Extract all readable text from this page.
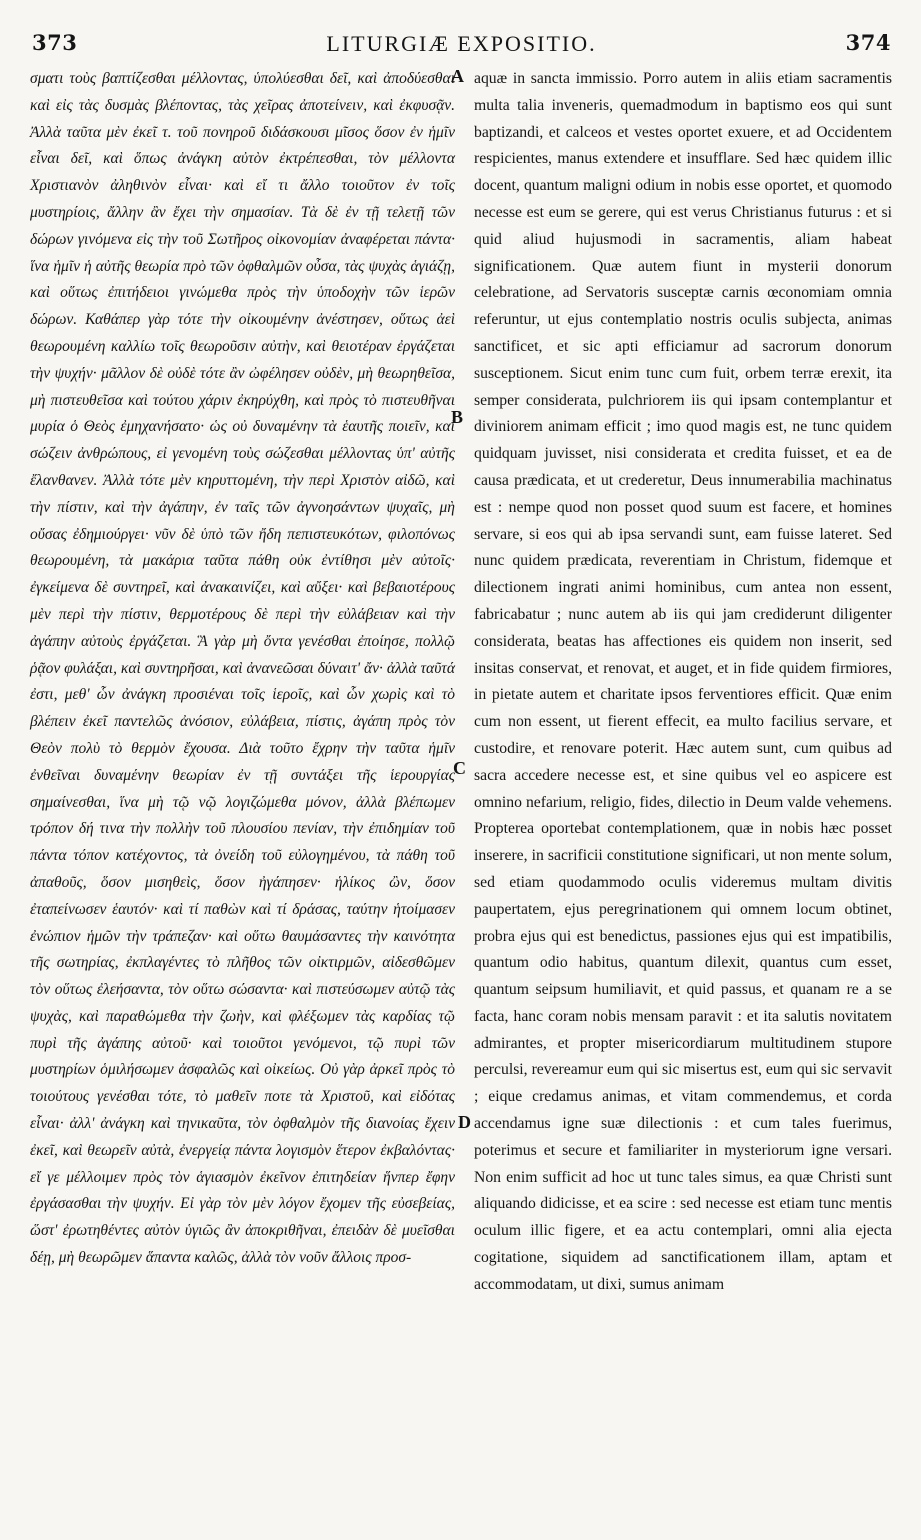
373	LITURGIÆ EXPOSITIO.	374

σματι τοὺς βαπτίζεσθαι μέλλοντας, ὑπολύεσθαι δεῖ, καὶ ἀποδύεσθαι καὶ εἰς τὰς δυσμὰς βλέποντας, τὰς χεῖρας ἀποτείνειν, καὶ ἐκφυσᾷν. Ἀλλὰ ταῦτα μὲν ἐκεῖ τ. τοῦ πονηροῦ διδάσκουσι μῖσος ὅσον ἐν ἡμῖν εἶναι δεῖ, καὶ ὅπως ἀνάγκη αὐτὸν ἐκτρέπεσθαι, τὸν μέλλοντα Χριστιανὸν ἀληθινὸν εἶναι· καὶ εἴ τι ἄλλο τοιοῦτον ἐν τοῖς μυστηρίοις, ἄλλην ἂν ἔχει τὴν σημασίαν. Τὰ δὲ ἐν τῇ τελετῇ τῶν δώρων γινόμενα εἰς τὴν τοῦ Σωτῆρος οἰκονομίαν ἀναφέρεται πάντα· ἵνα ἡμῖν ἡ αὐτῆς θεωρία πρὸ τῶν ὀφθαλμῶν οὖσα, τὰς ψυχὰς ἁγιάζῃ, καὶ οὕτως ἐπιτήδειοι γινώμεθα πρὸς τὴν ὑποδοχὴν τῶν ἱερῶν δώρων. Καθάπερ γὰρ τότε τὴν οἰκουμένην ἀνέστησεν, οὕτως ἀεὶ θεωρουμένη καλλίω τοῖς θεωροῦσιν αὐτὴν, καὶ θειοτέραν ἐργάζεται τὴν ψυχήν· μᾶλλον δὲ οὐδὲ τότε ἂν ὠφέλησεν οὐδὲν, μὴ θεωρηθεῖσα, μὴ πιστευθεῖσα καὶ τούτου χάριν ἐκηρύχθη, καὶ πρὸς τὸ πιστευθῆναι μυρία ὁ Θεὸς ἐμηχανήσατο· ὡς οὐ δυναμένην τὰ ἑαυτῆς ποιεῖν, καὶ σώζειν ἀνθρώπους, εἰ γενομένη τοὺς σώζεσθαι μέλλοντας ὑπ' αὐτῆς ἔλανθανεν. Ἀλλὰ τότε μὲν κηρυττομένη, τὴν περὶ Χριστὸν αἰδῶ, καὶ τὴν πίστιν, καὶ τὴν ἀγάπην, ἐν ταῖς τῶν ἀγνοησάντων ψυχαῖς, μὴ οὔσας ἐδημιούργει· νῦν δὲ ὑπὸ τῶν ἤδη πεπιστευκότων, φιλοπόνως θεωρουμένη, τὰ μακάρια ταῦτα πάθη οὐκ ἐντίθησι μὲν αὐτοῖς· ἐγκείμενα δὲ συντηρεῖ, καὶ ἀνακαινίζει, καὶ αὔξει· καὶ βεβαιοτέρους μὲν περὶ τὴν πίστιν, θερμοτέρους δὲ περὶ τὴν εὐλάβειαν καὶ τὴν ἀγάπην αὐτοὺς ἐργάζεται. Ἃ γὰρ μὴ ὄντα γενέσθαι ἐποίησε, πολλῷ ῥᾷον φυλάξαι, καὶ συντηρῆσαι, καὶ ἀνανεῶσαι δύναιτ' ἄν· ἀλλὰ ταῦτά ἐστι, μεθ' ὧν ἀνάγκη προσιέναι τοῖς ἱεροῖς, καὶ ὧν χωρὶς καὶ τὸ βλέπειν ἐκεῖ παντελῶς ἀνόσιον, εὐλάβεια, πίστις, ἀγάπη πρὸς τὸν Θεὸν πολὺ τὸ θερμὸν ἔχουσα. Διὰ τοῦτο ἔχρην τὴν ταῦτα ἡμῖν ἐνθεῖναι δυναμένην θεωρίαν ἐν τῇ συντάξει τῆς ἱερουργίας σημαίνεσθαι, ἵνα μὴ τῷ νῷ λογιζώμεθα μόνον, ἀλλὰ βλέπωμεν τρόπον δή τινα τὴν πολλὴν τοῦ πλουσίου πενίαν, τὴν ἐπιδημίαν τοῦ πάντα τόπον κατέχοντος, τὰ ὀνείδη τοῦ εὐλογημένου, τὰ πάθη τοῦ ἀπαθοῦς, ὅσον μισηθεὶς, ὅσον ἠγάπησεν· ἡλίκος ὢν, ὅσον ἐταπείνωσεν ἑαυτόν· καὶ τί παθὼν καὶ τί δράσας, ταύτην ἡτοίμασεν ἐνώπιον ἡμῶν τὴν τράπεζαν· καὶ οὕτω θαυμάσαντες τὴν καινότητα τῆς σωτηρίας, ἐκπλαγέντες τὸ πλῆθος τῶν οἰκτιρμῶν, αἰδεσθῶμεν τὸν οὕτως ἐλεήσαντα, τὸν οὕτω σώσαντα· καὶ πιστεύσωμεν αὐτῷ τὰς ψυχὰς, καὶ παραθώμεθα τὴν ζωὴν, καὶ φλέξωμεν τὰς καρδίας τῷ πυρὶ τῆς ἀγάπης αὐτοῦ· καὶ τοιοῦτοι γενόμενοι, τῷ πυρὶ τῶν μυστηρίων ὁμιλήσωμεν ἀσφαλῶς καὶ οἰκείως. Οὐ γὰρ ἀρκεῖ πρὸς τὸ τοιούτους γενέσθαι τότε, τὸ μαθεῖν ποτε τὰ Χριστοῦ, καὶ εἰδότας εἶναι· ἀλλ' ἀνάγκη καὶ τηνικαῦτα, τὸν ὀφθαλμὸν τῆς διανοίας ἔχειν ἐκεῖ, καὶ θεωρεῖν αὐτὰ, ἐνεργείᾳ πάντα λογισμὸν ἕτερον ἐκβαλόντας· εἴ γε μέλλοιμεν πρὸς τὸν ἁγιασμὸν ἐκεῖνον ἐπιτηδείαν ἥνπερ ἔφην ἐργάσασθαι τὴν ψυχήν. Εἰ γὰρ τὸν μὲν λόγον ἔχομεν τῆς εὐσεβείας, ὥστ' ἐρωτηθέντες αὐτὸν ὑγιῶς ἂν ἀποκριθῆναι, ἐπειδὰν δὲ μυεῖσθαι δέῃ, μὴ θεωρῶμεν ἅπαντα καλῶς, ἀλλὰ τὸν νοῦν ἄλλοις προσ-

A
B
C
D

aquæ in sancta immissio. Porro autem in aliis etiam sacramentis multa talia inveneris, quemadmodum in baptismo eos qui sunt baptizandi, et calceos et vestes oportet exuere, et ad Occidentem respicientes, manus extendere et insufflare. Sed hæc quidem illic docent, quantum maligni odium in nobis esse oportet, et quomodo necesse est eum se gerere, qui est verus Christianus futurus : et si quid aliud hujusmodi in sacramentis, aliam habeat significationem. Quæ autem fiunt in mysterii donorum celebratione, ad Servatoris susceptæ carnis œconomiam omnia referuntur, ut ejus contemplatio nostris oculis subjecta, animas sanctificet, et sic apti efficiamur ad sacrorum donorum susceptionem. Sicut enim tunc cum fuit, orbem terræ erexit, ita semper considerata, pulchriorem iis qui ipsam contemplantur et diviniorem animam efficit ; imo quod magis est, ne tunc quidem quidquam juvisset, nisi considerata et credita fuisset, et ea de causa prædicata, et ut crederetur, Deus innumerabilia machinatus est : nempe quod non posset quod suum est facere, et homines servare, si eos qui ab ipsa servandi sunt, eam fuisse lateret. Sed nunc quidem prædicata, reverentiam in Christum, fidemque et dilectionem ingrati animi hominibus, cum antea non essent, fabricabatur ; nunc autem ab iis qui jam crediderunt diligenter considerata, beatas has affectiones eis quidem non inserit, sed insitas conservat, et renovat, et auget, et in fide quidem firmiores, in pietate autem et charitate ipsos ferventiores efficit. Quæ enim cum non essent, ut fierent effecit, ea multo facilius servare, et custodire, et renovare poterit. Hæc autem sunt, cum quibus ad sacra accedere necesse est, et sine quibus vel eo aspicere est omnino nefarium, religio, fides, dilectio in Deum valde vehemens. Propterea oportebat contemplationem, quæ in nobis hæc posset inserere, in sacrificii constitutione significari, ut non mente solum, sed etiam quodammodo oculis videremus multam divitis paupertatem, ejus peregrinationem qui omnem locum obtinet, probra ejus qui est benedictus, passiones ejus qui est impatibilis, quantum odio habitus, quantum dilexit, quantus cum esset, quantum seipsum humiliavit, et quid passus, et quanam re a se facta, hanc coram nobis mensam paravit : et ita salutis novitatem admirantes, et propter misericordiarum multitudinem stupore perculsi, revereamur eum qui sic misertus est, eum qui sic servavit ; eique credamus animas, et vitam commendemus, et corda accendamus igne suæ dilectionis : et cum tales fuerimus, poterimus et secure et familiariter in mysteriorum igne versari. Non enim sufficit ad hoc ut tunc tales simus, ea quæ Christi sunt aliquando didicisse, et ea scire : sed necesse est etiam tunc mentis oculum illic figere, et ea actu contemplari, omni alia ejecta cogitatione, siquidem ad sanctificationem illam, aptam et accommodatam, ut dixi, sumus animam
